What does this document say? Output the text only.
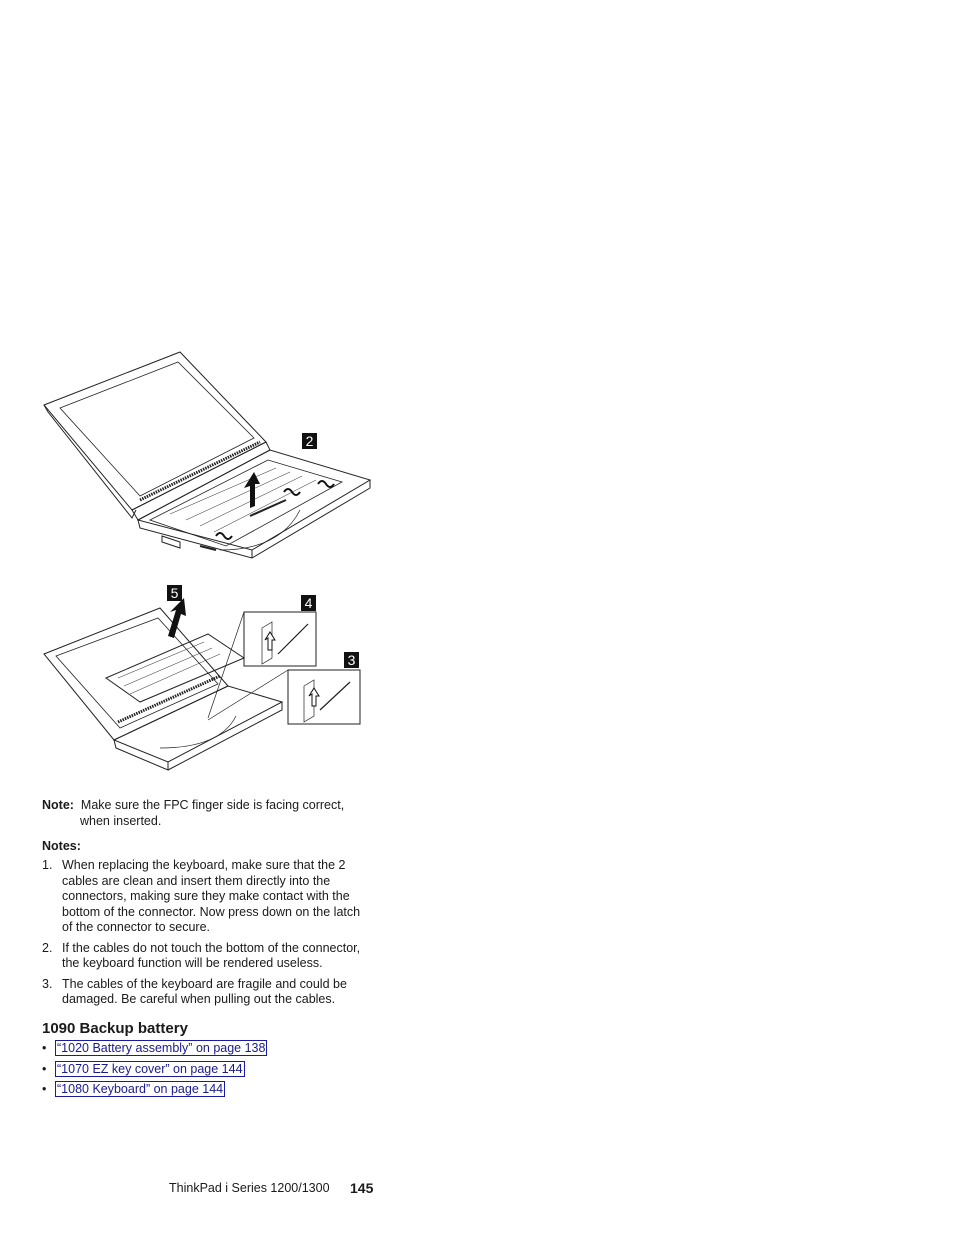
2
5
4
3
Note: Make sure the FPC finger side is facing correct,
when inserted.
Notes:
1. When replacing the keyboard, make sure that the 2 cables are clean and insert them directly into the connectors, making sure they make contact with the bottom of the connector. Now press down on the latch of the connector to secure.
2. If the cables do not touch the bottom of the connector, the keyboard function will be rendered useless.
3. The cables of the keyboard are fragile and could be damaged. Be careful when pulling out the cables.
1090 Backup battery
• “1020 Battery assembly” on page 138
• “1070 EZ key cover” on page 144
• “1080 Keyboard” on page 144
ThinkPad i Series 1200/1300 145
